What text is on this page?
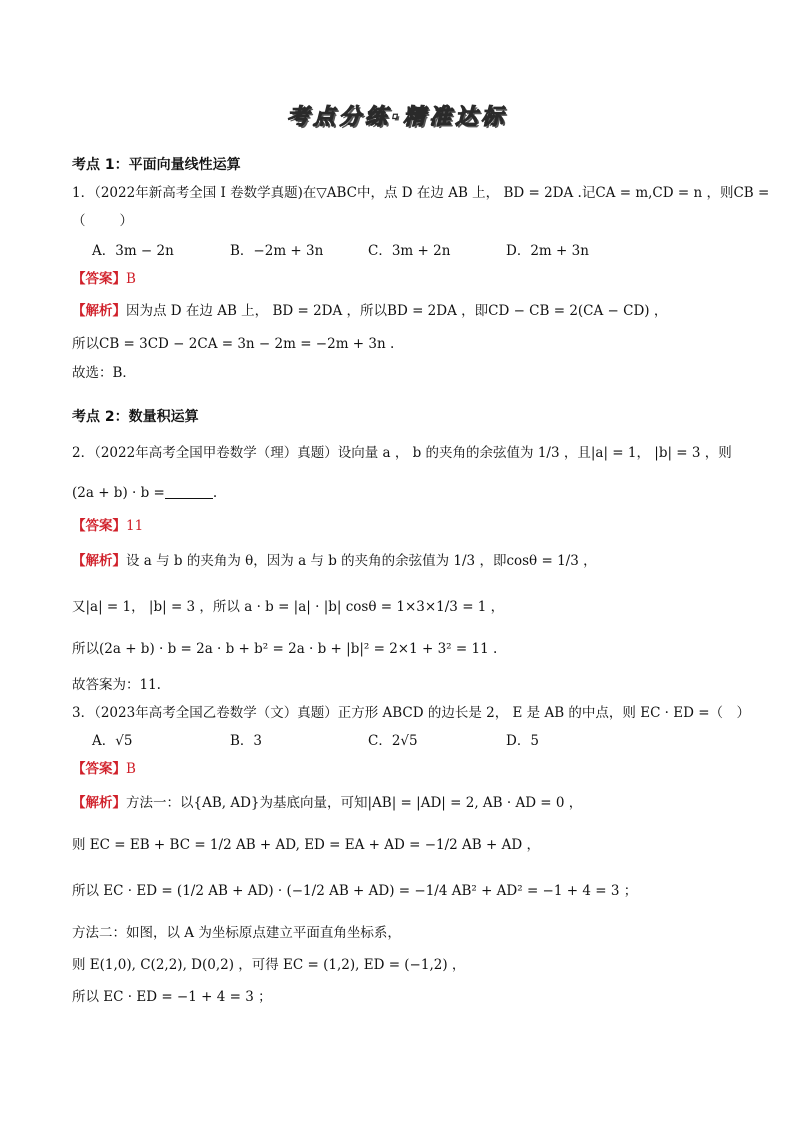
考点分练·精准达标
考点 1：平面向量线性运算
1．（2022年新高考全国 I 卷数学真题)在▽ABC中，点 D 在边 AB 上， BD = 2DA .记CA = m,CD = n ，则CB =
（	）
A．3m − 2n	B．−2m + 3n	C．3m + 2n	D．2m + 3n
【答案】B
【解析】因为点 D 在边 AB 上， BD = 2DA ，所以BD = 2DA ，即CD − CB = 2(CA − CD) ，
所以CB = 3CD − 2CA = 3n − 2m = −2m + 3n .
故选：B．
考点 2：数量积运算
2．（2022年高考全国甲卷数学（理）真题）设向量 a ， b 的夹角的余弦值为 1/3 ，且|a| = 1， |b| = 3 ，则
(2a + b) · b =	.
【答案】11
【解析】设 a 与 b 的夹角为 θ，因为 a 与 b 的夹角的余弦值为 1/3 ，即cosθ = 1/3 ，
又|a| = 1， |b| = 3 ，所以 a · b = |a| · |b| cosθ = 1×3×1/3 = 1 ，
所以(2a + b) · b = 2a · b + b² = 2a · b + |b|² = 2×1 + 3² = 11 .
故答案为：11.
3．（2023年高考全国乙卷数学（文）真题）正方形 ABCD 的边长是 2， E 是 AB 的中点，则 EC · ED =（　）
A．√5	B．3	C．2√5	D．5
【答案】B
【解析】方法一：以{AB, AD}为基底向量，可知|AB| = |AD| = 2, AB · AD = 0 ，
则 EC = EB + BC = 1/2 AB + AD, ED = EA + AD = −1/2 AB + AD ，
所以 EC · ED = (1/2 AB + AD) · (−1/2 AB + AD) = −1/4 AB² + AD² = −1 + 4 = 3 ；
方法二：如图，以 A 为坐标原点建立平面直角坐标系，
则 E(1,0), C(2,2), D(0,2) ，可得 EC = (1,2), ED = (−1,2) ，
所以 EC · ED = −1 + 4 = 3 ；
